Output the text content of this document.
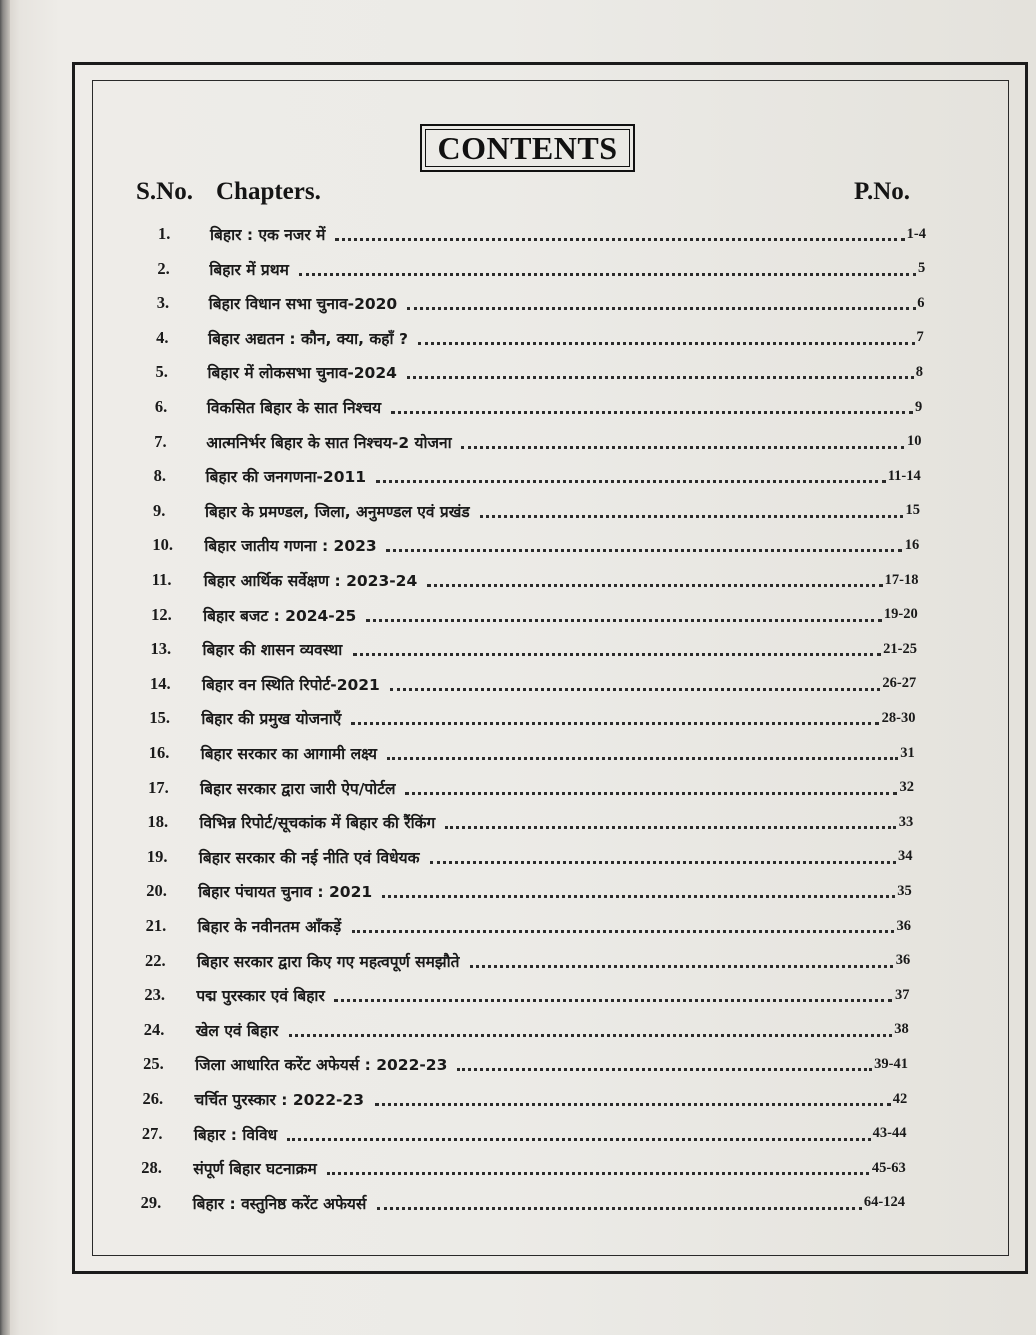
CONTENTS
S.No. Chapters.	P.No.
1.	बिहार : एक नजर में	1-4
2.	बिहार में प्रथम	5
3.	बिहार विधान सभा चुनाव-2020	6
4.	बिहार अद्यतन : कौन, क्या, कहाँ ?	7
5.	बिहार में लोकसभा चुनाव-2024	8
6.	विकसित बिहार के सात निश्चय	9
7.	आत्मनिर्भर बिहार के सात निश्चय-2 योजना	10
8.	बिहार की जनगणना-2011	11-14
9.	बिहार के प्रमण्डल, जिला, अनुमण्डल एवं प्रखंड	15
10.	बिहार जातीय गणना : 2023	16
11.	बिहार आर्थिक सर्वेक्षण : 2023-24	17-18
12.	बिहार बजट : 2024-25	19-20
13.	बिहार की शासन व्यवस्था	21-25
14.	बिहार वन स्थिति रिपोर्ट-2021	26-27
15.	बिहार की प्रमुख योजनाएँ	28-30
16.	बिहार सरकार का आगामी लक्ष्य	31
17.	बिहार सरकार द्वारा जारी ऐप/पोर्टल	32
18.	विभिन्न रिपोर्ट/सूचकांक में बिहार की रैंकिंग	33
19.	बिहार सरकार की नई नीति एवं विधेयक	34
20.	बिहार पंचायत चुनाव : 2021	35
21.	बिहार के नवीनतम आँकड़ें	36
22.	बिहार सरकार द्वारा किए गए महत्वपूर्ण समझौते	36
23.	पद्म पुरस्कार एवं बिहार	37
24.	खेल एवं बिहार	38
25.	जिला आधारित करेंट अफेयर्स : 2022-23	39-41
26.	चर्चित पुरस्कार : 2022-23	42
27.	बिहार : विविध	43-44
28.	संपूर्ण बिहार घटनाक्रम	45-63
29.	बिहार : वस्तुनिष्ठ करेंट अफेयर्स	64-124
